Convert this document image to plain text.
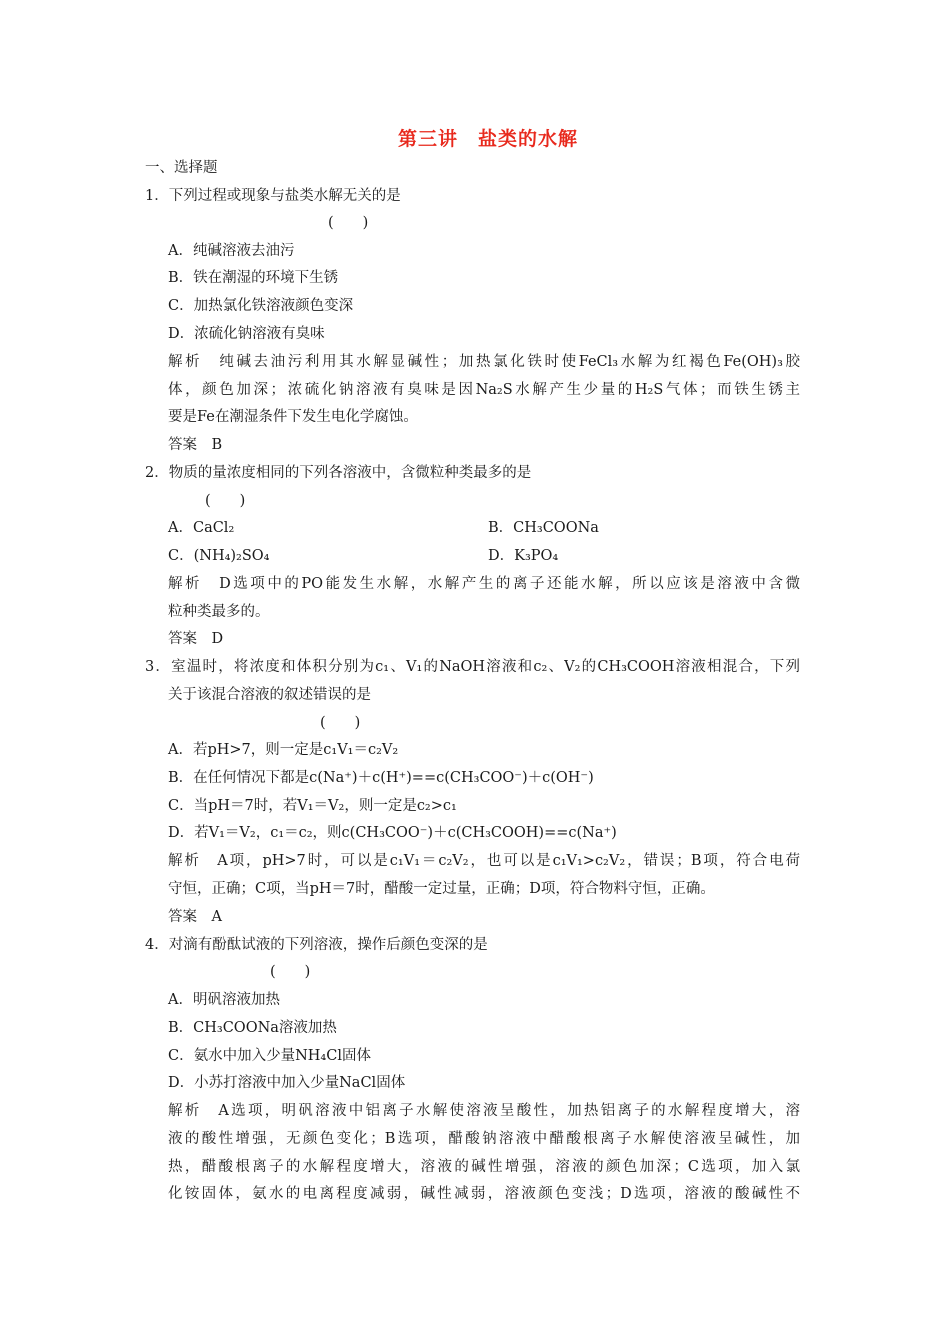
第三讲　盐类的水解
一、选择题
1．下列过程或现象与盐类水解无关的是
(　　)
A．纯碱溶液去油污
B．铁在潮湿的环境下生锈
C．加热氯化铁溶液颜色变深
D．浓硫化钠溶液有臭味
解析　纯碱去油污利用其水解显碱性；加热氯化铁时使FeCl₃水解为红褐色Fe(OH)₃胶
体，颜色加深；浓硫化钠溶液有臭味是因Na₂S水解产生少量的H₂S气体；而铁生锈主
要是Fe在潮湿条件下发生电化学腐蚀。
答案　B
2．物质的量浓度相同的下列各溶液中，含微粒种类最多的是
(　　)
A．CaCl₂	B．CH₃COONa
C．(NH₄)₂SO₄	D．K₃PO₄
解析　D选项中的PO能发生水解，水解产生的离子还能水解，所以应该是溶液中含微
粒种类最多的。
答案　D
3．室温时，将浓度和体积分别为c₁、V₁的NaOH溶液和c₂、V₂的CH₃COOH溶液相混合，下列
关于该混合溶液的叙述错误的是
(　　)
A．若pH>7，则一定是c₁V₁＝c₂V₂
B．在任何情况下都是c(Na⁺)＋c(H⁺)==c(CH₃COO⁻)＋c(OH⁻)
C．当pH＝7时，若V₁＝V₂，则一定是c₂>c₁
D．若V₁＝V₂，c₁＝c₂，则c(CH₃COO⁻)＋c(CH₃COOH)==c(Na⁺)
解析　A项，pH>7时，可以是c₁V₁＝c₂V₂，也可以是c₁V₁>c₂V₂，错误；B项，符合电荷
守恒，正确；C项，当pH＝7时，醋酸一定过量，正确；D项，符合物料守恒，正确。
答案　A
4．对滴有酚酞试液的下列溶液，操作后颜色变深的是
(　　)
A．明矾溶液加热
B．CH₃COONa溶液加热
C．氨水中加入少量NH₄Cl固体
D．小苏打溶液中加入少量NaCl固体
解析　A选项，明矾溶液中铝离子水解使溶液呈酸性，加热铝离子的水解程度增大，溶
液的酸性增强，无颜色变化；B选项，醋酸钠溶液中醋酸根离子水解使溶液呈碱性，加
热，醋酸根离子的水解程度增大，溶液的碱性增强，溶液的颜色加深；C选项，加入氯
化铵固体，氨水的电离程度减弱，碱性减弱，溶液颜色变浅；D选项，溶液的酸碱性不
